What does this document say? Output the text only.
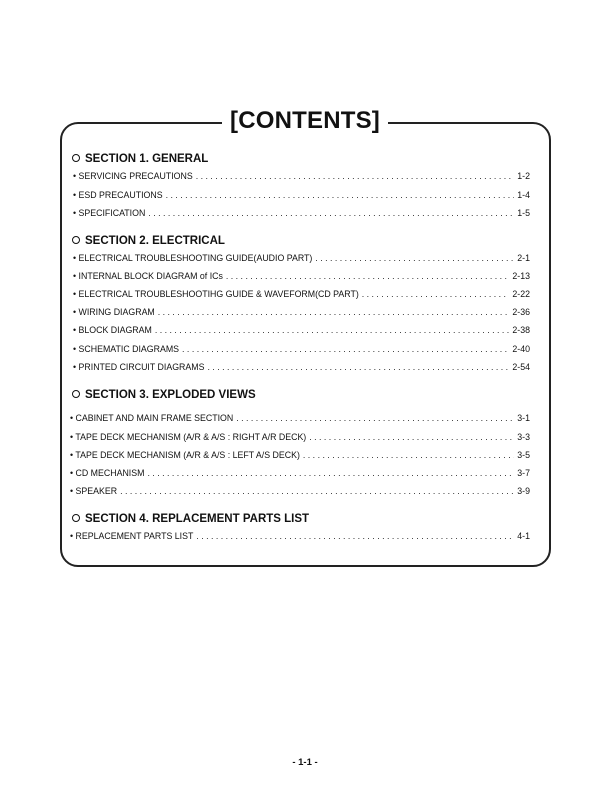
[CONTENTS]
SECTION 1. GENERAL
• SERVICING PRECAUTIONS . . .	1-2
• ESD PRECAUTIONS . . .	1-4
• SPECIFICATION . . .	1-5
SECTION 2. ELECTRICAL
• ELECTRICAL TROUBLESHOOTING GUIDE(AUDIO PART) . . .	2-1
• INTERNAL BLOCK DIAGRAM of ICs . . .	2-13
• ELECTRICAL TROUBLESHOOTIHG GUIDE & WAVEFORM(CD PART) . . .	2-22
• WIRING DIAGRAM . . .	2-36
• BLOCK DIAGRAM . . .	2-38
• SCHEMATIC DIAGRAMS . . .	2-40
• PRINTED CIRCUIT DIAGRAMS . . .	2-54
SECTION 3. EXPLODED VIEWS
• CABINET AND MAIN FRAME SECTION . . .	3-1
• TAPE DECK MECHANISM (A/R & A/S : RIGHT A/R DECK) . . .	3-3
• TAPE DECK MECHANISM (A/R & A/S : LEFT A/S DECK) . . .	3-5
• CD MECHANISM . . .	3-7
• SPEAKER . . .	3-9
SECTION 4. REPLACEMENT PARTS LIST
• REPLACEMENT PARTS LIST . . .	4-1
- 1-1 -
